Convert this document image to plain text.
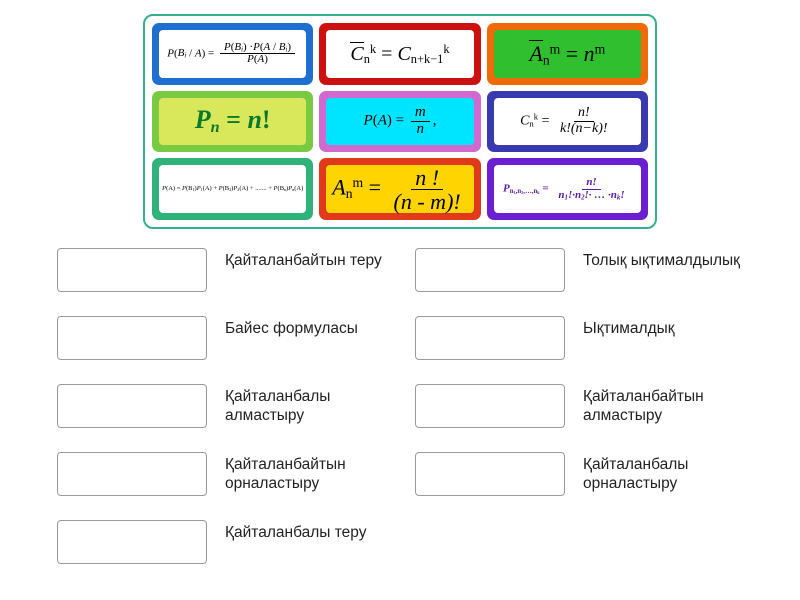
$P(B_i / A) = \frac{P(B_i) \cdot P(A / B_i)}{P(A)}$	$C_n^k = C_{n+k-1}^k$	$A_n^m = n^m$
$P_n = n$!	$P(A) = \frac{m}{n}$ ,	$C_n^k = \frac{n!}{k!(n-k)!}$
$P(A) = P(B_1)P_1(A) + P(B_2)P_2(A)$ + ....... + $P(B_n)P_n(A) A_n^m = \frac{n !}{(n - m)!}$	$P_{n_1,n_2,\dots,n_k} = \frac{n!}{n_1!\cdot n_2!\cdot \dots \cdot n_k!}$
Қайталанбайтын теру
Байес формуласы
Қайталанбалы алмастыру
Қайталанбайтын орналастыру
Қайталанбалы теру
Толық ықтималдылық
Ықтималдық
Қайталанбайтын алмастыру
Қайталанбалы орналастыру
